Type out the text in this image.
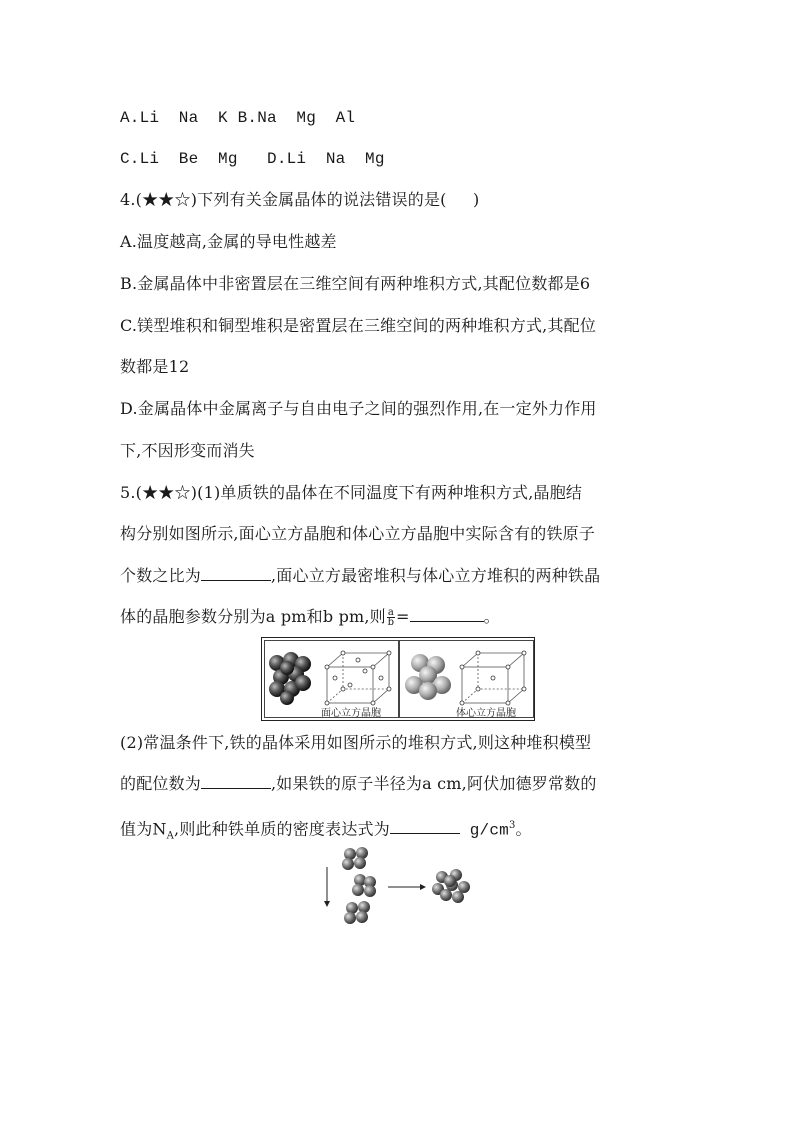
A.Li  Na  K B.Na  Mg  Al
C.Li  Be  Mg   D.Li  Na  Mg
4.(★★☆)下列有关金属晶体的说法错误的是(     )
A.温度越高,金属的导电性越差
B.金属晶体中非密置层在三维空间有两种堆积方式,其配位数都是6
C.镁型堆积和铜型堆积是密置层在三维空间的两种堆积方式,其配位
数都是12
D.金属晶体中金属离子与自由电子之间的强烈作用,在一定外力作用
下,不因形变而消失
5.(★★☆)(1)单质铁的晶体在不同温度下有两种堆积方式,晶胞结
构分别如图所示,面心立方晶胞和体心立方晶胞中实际含有的铁原子
个数之比为	,面心立方最密堆积与体心立方堆积的两种铁晶
体的晶胞参数分别为a pm和b pm,则 $\frac{a}{b}$ =	。
面心立方晶胞	体心立方晶胞
(2)常温条件下,铁的晶体采用如图所示的堆积方式,则这种堆积模型
的配位数为	,如果铁的原子半径为a cm,阿伏加德罗常数的
值为$N_A$,则此种铁单质的密度表达式为	$g/cm^3$。
